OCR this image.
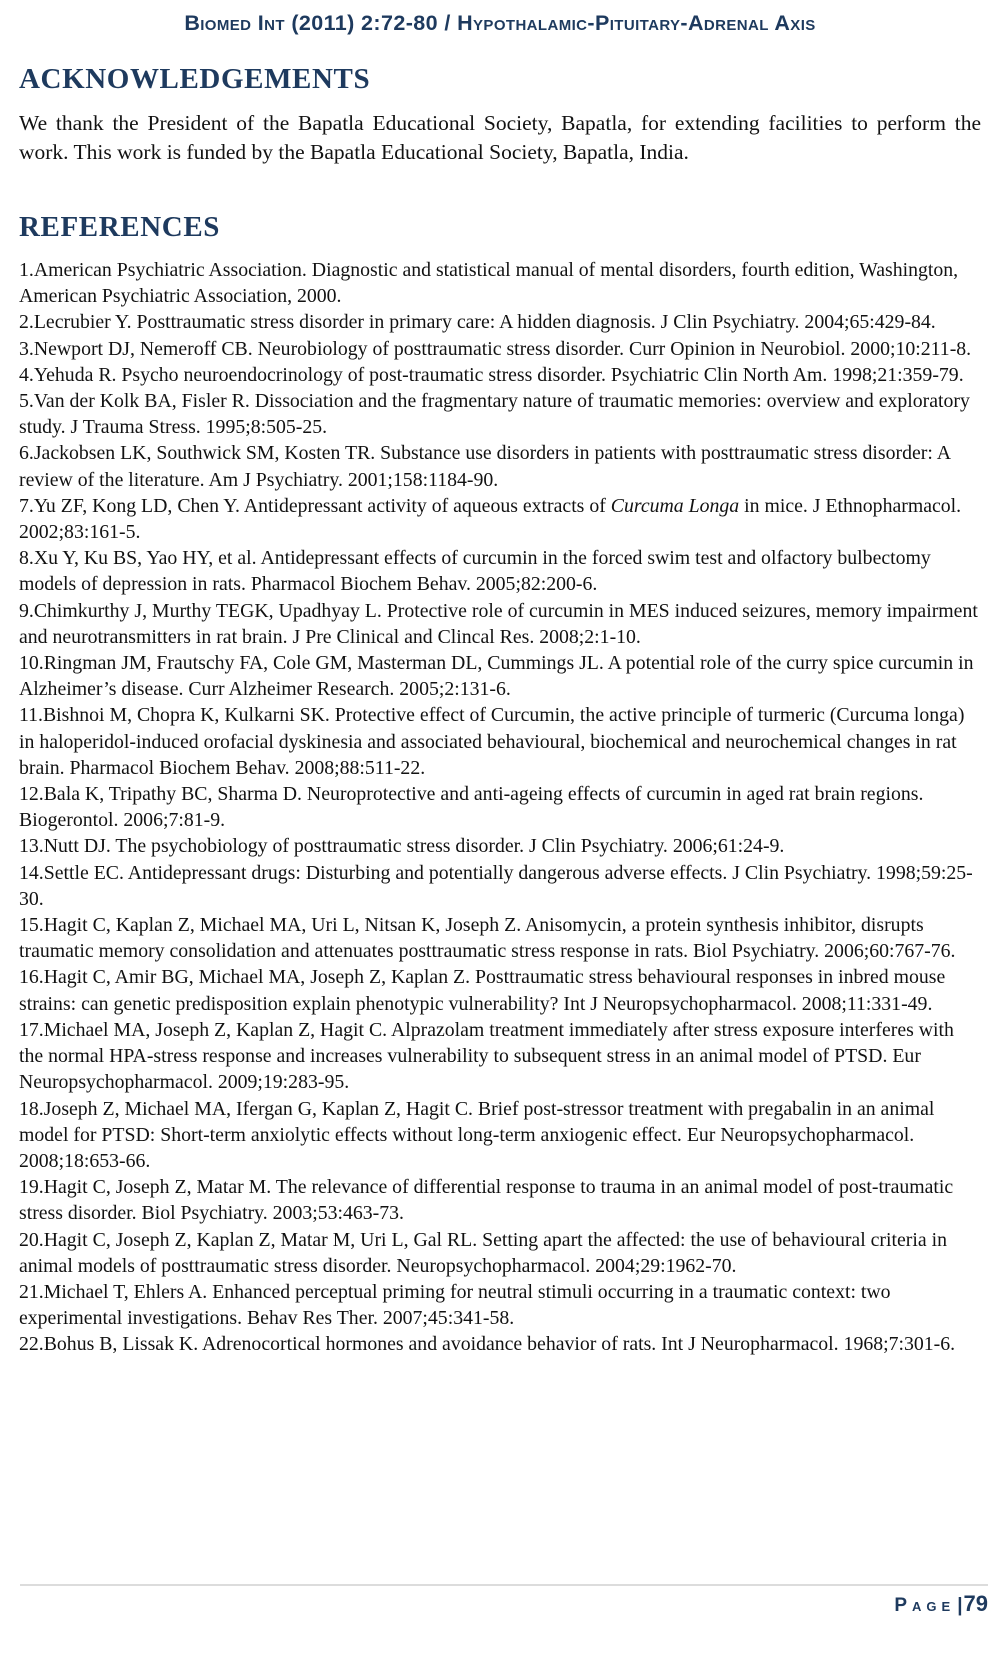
Biomed Int (2011) 2:72-80 / Hypothalamic-Pituitary-Adrenal Axis
ACKNOWLEDGEMENTS

We thank the President of the Bapatla Educational Society, Bapatla, for extending facilities to perform the work. This work is funded by the Bapatla Educational Society, Bapatla, India.

REFERENCES

1.American Psychiatric Association. Diagnostic and statistical manual of mental disorders, fourth edition, Washington, American Psychiatric Association, 2000.

2.Lecrubier Y. Posttraumatic stress disorder in primary care: A hidden diagnosis. J Clin Psychiatry. 2004;65:429-84.

3.Newport DJ, Nemeroff CB. Neurobiology of posttraumatic stress disorder. Curr Opinion in Neurobiol. 2000;10:211-8.

4.Yehuda R. Psycho neuroendocrinology of post-traumatic stress disorder. Psychiatric Clin North Am. 1998;21:359-79.

5.Van der Kolk BA, Fisler R. Dissociation and the fragmentary nature of traumatic memories: overview and exploratory study. J Trauma Stress. 1995;8:505-25.

6.Jackobsen LK, Southwick SM, Kosten TR. Substance use disorders in patients with posttraumatic stress disorder: A review of the literature. Am J Psychiatry. 2001;158:1184-90.

7.Yu ZF, Kong LD, Chen Y. Antidepressant activity of aqueous extracts of Curcuma Longa in mice. J Ethnopharmacol. 2002;83:161-5.

8.Xu Y, Ku BS, Yao HY, et al. Antidepressant effects of curcumin in the forced swim test and olfactory bulbectomy models of depression in rats. Pharmacol Biochem Behav. 2005;82:200-6.

9.Chimkurthy J, Murthy TEGK, Upadhyay L. Protective role of curcumin in MES induced seizures, memory impairment and neurotransmitters in rat brain. J Pre Clinical and Clincal Res. 2008;2:1-10.

10.Ringman JM, Frautschy FA, Cole GM, Masterman DL, Cummings JL. A potential role of the curry spice curcumin in Alzheimer’s disease. Curr Alzheimer Research. 2005;2:131-6.

11.Bishnoi M, Chopra K, Kulkarni SK. Protective effect of Curcumin, the active principle of turmeric (Curcuma longa) in haloperidol-induced orofacial dyskinesia and associated behavioural, biochemical and neurochemical changes in rat brain. Pharmacol Biochem Behav. 2008;88:511-22.

12.Bala K, Tripathy BC, Sharma D. Neuroprotective and anti-ageing effects of curcumin in aged rat brain regions. Biogerontol. 2006;7:81-9.

13.Nutt DJ. The psychobiology of posttraumatic stress disorder. J Clin Psychiatry. 2006;61:24-9.

14.Settle EC. Antidepressant drugs: Disturbing and potentially dangerous adverse effects. J Clin Psychiatry. 1998;59:25-30.

15.Hagit C, Kaplan Z, Michael MA, Uri L, Nitsan K, Joseph Z. Anisomycin, a protein synthesis inhibitor, disrupts traumatic memory consolidation and attenuates posttraumatic stress response in rats. Biol Psychiatry. 2006;60:767-76.

16.Hagit C, Amir BG, Michael MA, Joseph Z, Kaplan Z. Posttraumatic stress behavioural responses in inbred mouse strains: can genetic predisposition explain phenotypic vulnerability? Int J Neuropsychopharmacol. 2008;11:331-49.

17.Michael MA, Joseph Z, Kaplan Z, Hagit C. Alprazolam treatment immediately after stress exposure interferes with the normal HPA-stress response and increases vulnerability to subsequent stress in an animal model of PTSD. Eur Neuropsychopharmacol. 2009;19:283-95.

18.Joseph Z, Michael MA, Ifergan G, Kaplan Z, Hagit C. Brief post-stressor treatment with pregabalin in an animal model for PTSD: Short-term anxiolytic effects without long-term anxiogenic effect. Eur Neuropsychopharmacol. 2008;18:653-66.

19.Hagit C, Joseph Z, Matar M. The relevance of differential response to trauma in an animal model of post-traumatic stress disorder. Biol Psychiatry. 2003;53:463-73.

20.Hagit C, Joseph Z, Kaplan Z, Matar M, Uri L, Gal RL. Setting apart the affected: the use of behavioural criteria in animal models of posttraumatic stress disorder. Neuropsychopharmacol. 2004;29:1962-70.

21.Michael T, Ehlers A. Enhanced perceptual priming for neutral stimuli occurring in a traumatic context: two experimental investigations. Behav Res Ther. 2007;45:341-58.

22.Bohus B, Lissak K. Adrenocortical hormones and avoidance behavior of rats. Int J Neuropharmacol. 1968;7:301-6.

Page |79
